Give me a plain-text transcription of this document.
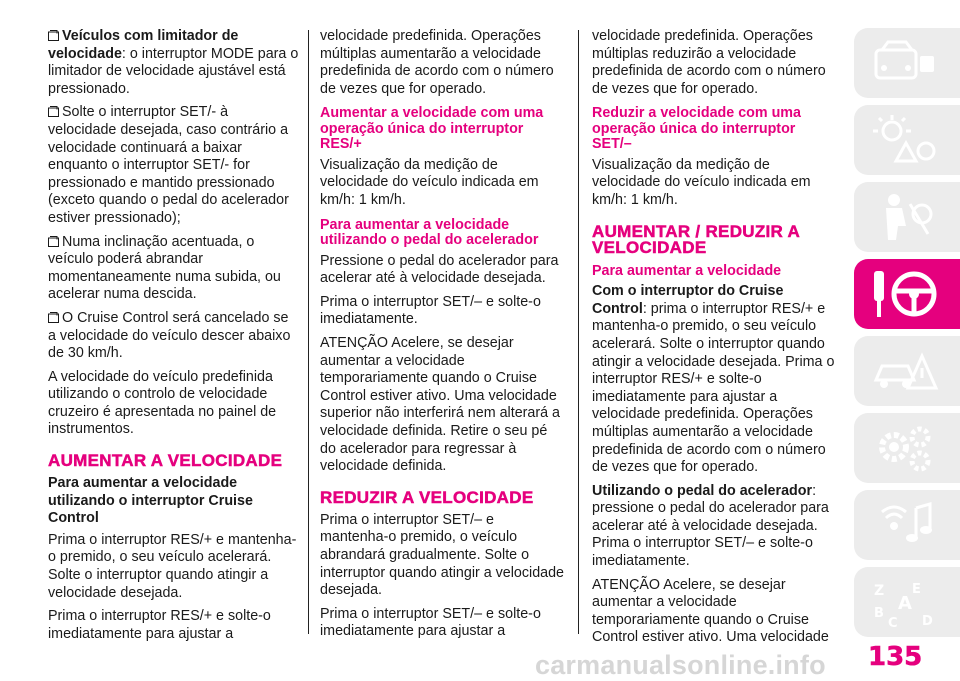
Veículos com limitador de velocidade: o interruptor MODE para o limitador de velocidade ajustável está pressionado.

Solte o interruptor SET/- à velocidade desejada, caso contrário a velocidade continuará a baixar enquanto o interruptor SET/- for pressionado e mantido pressionado (exceto quando o pedal do acelerador estiver pressionado);

Numa inclinação acentuada, o veículo poderá abrandar momentaneamente numa subida, ou acelerar numa descida.

O Cruise Control será cancelado se a velocidade do veículo descer abaixo de 30 km/h.

A velocidade do veículo predefinida utilizando o controlo de velocidade cruzeiro é apresentada no painel de instrumentos.

AUMENTAR A VELOCIDADE
Para aumentar a velocidade utilizando o interruptor Cruise Control

Prima o interruptor RES/+ e mantenha-o premido, o seu veículo acelerará. Solte o interruptor quando atingir a velocidade desejada.

Prima o interruptor RES/+ e solte-o imediatamente para ajustar a

velocidade predefinida. Operações múltiplas aumentarão a velocidade predefinida de acordo com o número de vezes que for operado.

Aumentar a velocidade com uma operação única do interruptor RES/+

Visualização da medição de velocidade do veículo indicada em km/h: 1 km/h.

Para aumentar a velocidade utilizando o pedal do acelerador

Pressione o pedal do acelerador para acelerar até à velocidade desejada.

Prima o interruptor SET/– e solte-o imediatamente.

ATENÇÃO Acelere, se desejar aumentar a velocidade temporariamente quando o Cruise Control estiver ativo. Uma velocidade superior não interferirá nem alterará a velocidade definida. Retire o seu pé do acelerador para regressar à velocidade definida.

REDUZIR A VELOCIDADE

Prima o interruptor SET/– e mantenha-o premido, o veículo abrandará gradualmente. Solte o interruptor quando atingir a velocidade desejada.

Prima o interruptor SET/– e solte-o imediatamente para ajustar a

velocidade predefinida. Operações múltiplas reduzirão a velocidade predefinida de acordo com o número de vezes que for operado.

Reduzir a velocidade com uma operação única do interruptor SET/–

Visualização da medição de velocidade do veículo indicada em km/h: 1 km/h.

AUMENTAR / REDUZIR A VELOCIDADE
Para aumentar a velocidade

Com o interruptor do Cruise Control: prima o interruptor RES/+ e mantenha-o premido, o seu veículo acelerará. Solte o interruptor quando atingir a velocidade desejada. Prima o interruptor RES/+ e solte-o imediatamente para ajustar a velocidade predefinida. Operações múltiplas aumentarão a velocidade predefinida de acordo com o número de vezes que for operado.

Utilizando o pedal do acelerador: pressione o pedal do acelerador para acelerar até à velocidade desejada. Prima o interruptor SET/– e solte-o imediatamente.

ATENÇÃO Acelere, se desejar aumentar a velocidade temporariamente quando o Cruise Control estiver ativo. Uma velocidade

Z E
A
B
C D
carmanualsonline.info 135
